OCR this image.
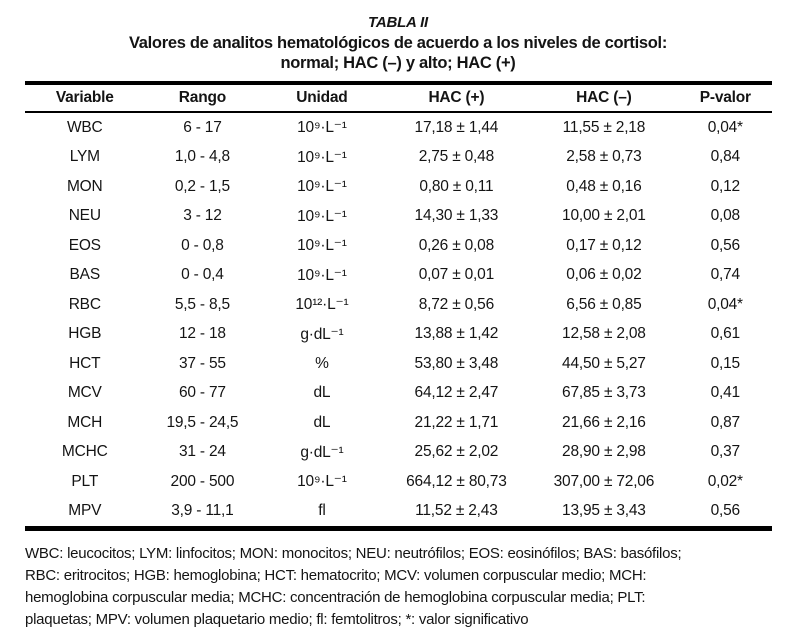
TABLA II
Valores de analitos hematológicos de acuerdo a los niveles de cortisol:
normal; HAC (–) y alto; HAC (+)
Variable	Rango	Unidad	HAC (+)	HAC (–)	P-valor
WBC	6 - 17	10⁹·L⁻¹	17,18 ± 1,44	11,55 ± 2,18	0,04*
LYM	1,0 - 4,8	10⁹·L⁻¹	2,75 ± 0,48	2,58 ± 0,73	0,84
MON	0,2 - 1,5	10⁹·L⁻¹	0,80 ± 0,11	0,48 ± 0,16	0,12
NEU	3 - 12	10⁹·L⁻¹	14,30 ± 1,33	10,00 ± 2,01	0,08
EOS	0 - 0,8	10⁹·L⁻¹	0,26 ± 0,08	0,17 ± 0,12	0,56
BAS	0 - 0,4	10⁹·L⁻¹	0,07 ± 0,01	0,06 ± 0,02	0,74
RBC	5,5 - 8,5	10¹²·L⁻¹	8,72 ± 0,56	6,56 ± 0,85	0,04*
HGB	12 - 18	g·dL⁻¹	13,88 ± 1,42	12,58 ± 2,08	0,61
HCT	37 - 55	%	53,80 ± 3,48	44,50 ± 5,27	0,15
MCV	60 - 77	dL	64,12 ± 2,47	67,85 ± 3,73	0,41
MCH	19,5 - 24,5	dL	21,22 ± 1,71	21,66 ± 2,16	0,87
MCHC	31 - 24	g·dL⁻¹	25,62 ± 2,02	28,90 ± 2,98	0,37
PLT	200 - 500	10⁹·L⁻¹	664,12 ± 80,73	307,00 ± 72,06	0,02*
MPV	3,9 - 11,1	fl	11,52 ± 2,43	13,95 ± 3,43	0,56
WBC: leucocitos; LYM: linfocitos; MON: monocitos; NEU: neutrófilos; EOS: eosinófilos; BAS: basófilos;
RBC: eritrocitos; HGB: hemoglobina; HCT: hematocrito; MCV: volumen corpuscular medio; MCH:
hemoglobina corpuscular media; MCHC: concentración de hemoglobina corpuscular media; PLT:
plaquetas; MPV: volumen plaquetario medio; fl: femtolitros; *: valor significativo
